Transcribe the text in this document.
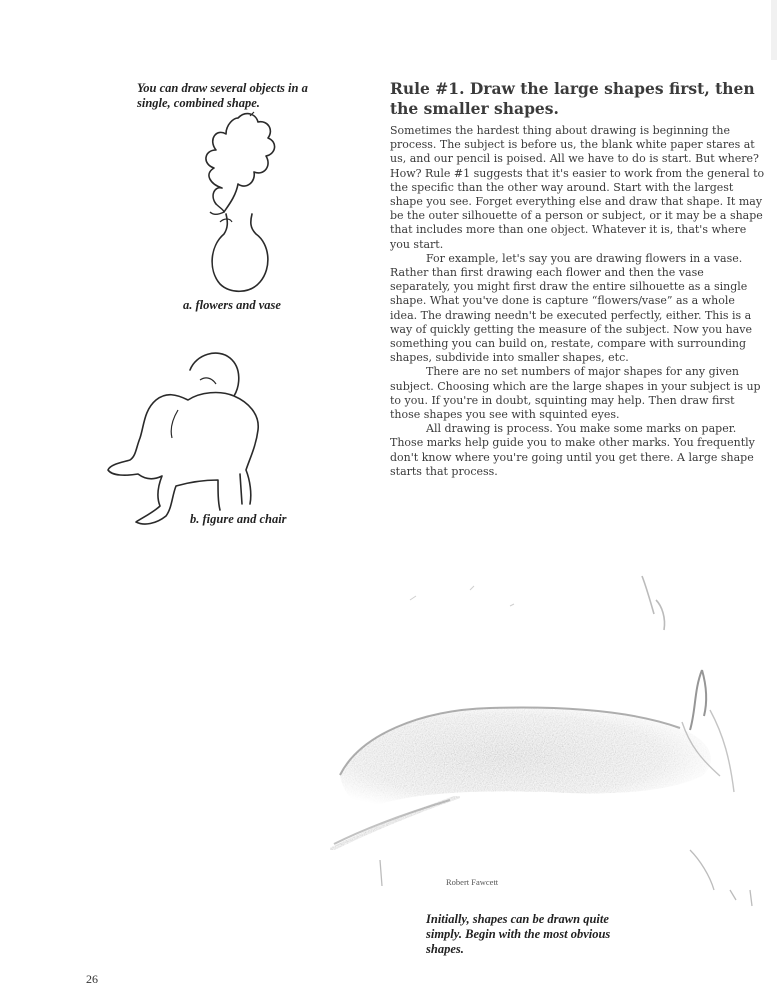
You can draw several objects in a single, combined shape.
a. flowers and vase
b. figure and chair
Rule #1. Draw the large shapes first, then the smaller shapes.

Sometimes the hardest thing about drawing is beginning the process. The subject is before us, the blank white paper stares at us, and our pencil is poised. All we have to do is start. But where? How? Rule #1 suggests that it's easier to work from the general to the specific than the other way around. Start with the largest shape you see. Forget everything else and draw that shape. It may be the outer silhouette of a person or subject, or it may be a shape that includes more than one object. Whatever it is, that's where you start.

For example, let's say you are drawing flowers in a vase. Rather than first drawing each flower and then the vase separately, you might first draw the entire silhouette as a single shape. What you've done is capture “flowers/vase” as a whole idea. The drawing needn't be executed perfectly, either. This is a way of quickly getting the measure of the subject. Now you have something you can build on, restate, compare with surrounding shapes, subdivide into smaller shapes, etc.

There are no set numbers of major shapes for any given subject. Choosing which are the large shapes in your subject is up to you. If you're in doubt, squinting may help. Then draw first those shapes you see with squinted eyes.

All drawing is process. You make some marks on paper. Those marks help guide you to make other marks. You frequently don't know where you're going until you get there. A large shape starts that process.

Robert Fawcett
Initially, shapes can be drawn quite simply. Begin with the most obvious shapes.
26
